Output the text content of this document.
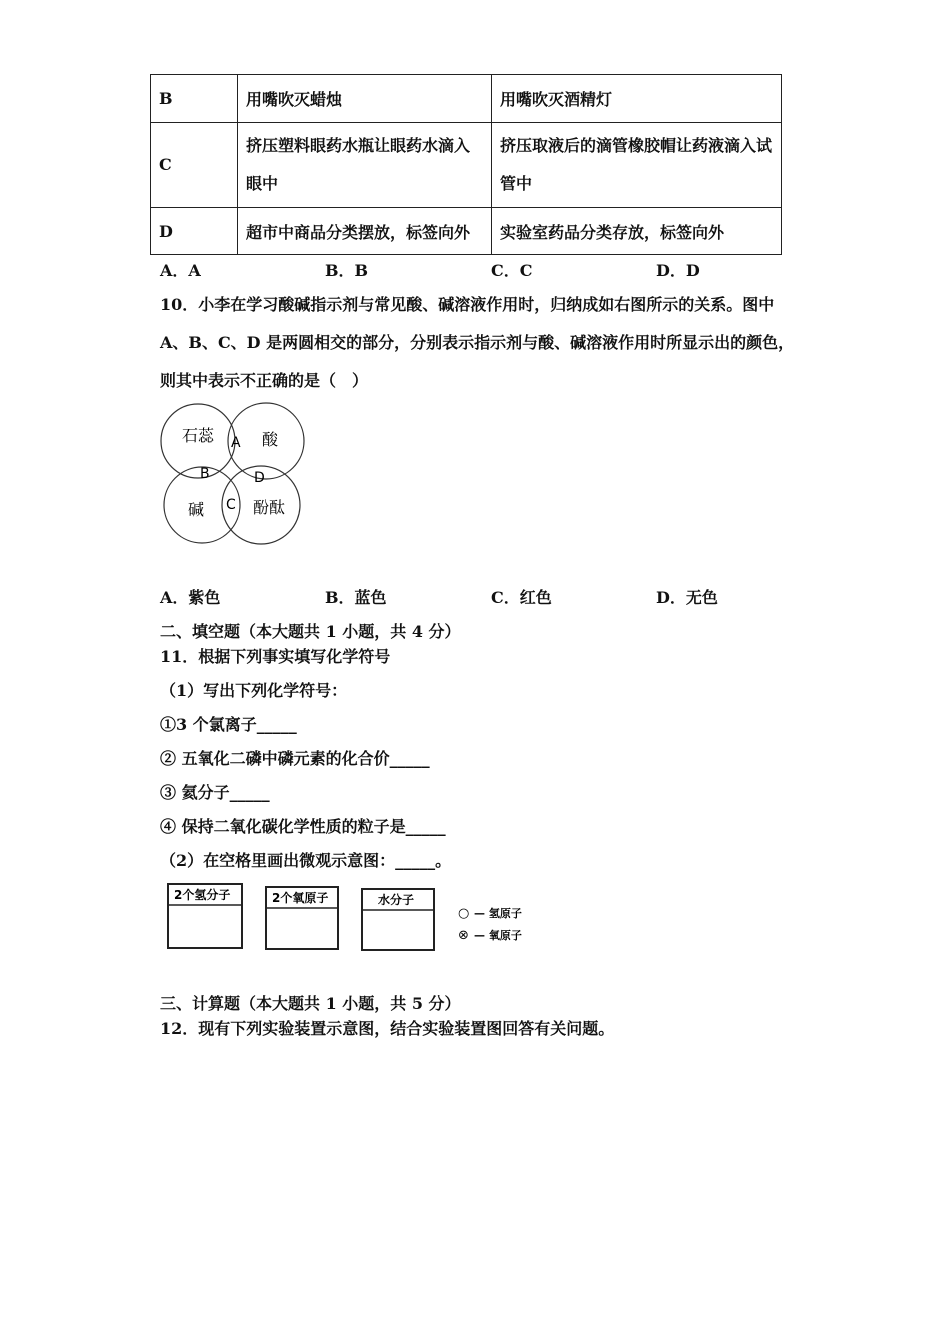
B	用嘴吹灭蜡烛	用嘴吹灭酒精灯
C	挤压塑料眼药水瓶让眼药水滴入眼中	挤压取液后的滴管橡胶帽让药液滴入试管中
D	超市中商品分类摆放，标签向外	实验室药品分类存放，标签向外
A．A	B．B	C．C	D．D
10．小李在学习酸碱指示剂与常见酸、碱溶液作用时，归纳成如右图所示的关系。图中
A、B、C、D 是两圆相交的部分，分别表示指示剂与酸、碱溶液作用时所显示出的颜色，
则其中表示不正确的是（　）
石蕊	酸
碱	酚酞
A
B
C
D
A．紫色	B．蓝色	C．红色	D．无色
二、填空题（本大题共 1 小题，共 4 分）
11．根据下列事实填写化学符号
（1）写出下列化学符号：
①3 个氯离子_____
② 五氧化二磷中磷元素的化合价_____
③ 氦分子_____
④ 保持二氧化碳化学性质的粒子是_____
（2）在空格里画出微观示意图：_____。
2个氢分子	2个氧原子	水分子
○ — 氢原子
⊗ — 氧原子
三、计算题（本大题共 1 小题，共 5 分）
12．现有下列实验装置示意图，结合实验装置图回答有关问题。
